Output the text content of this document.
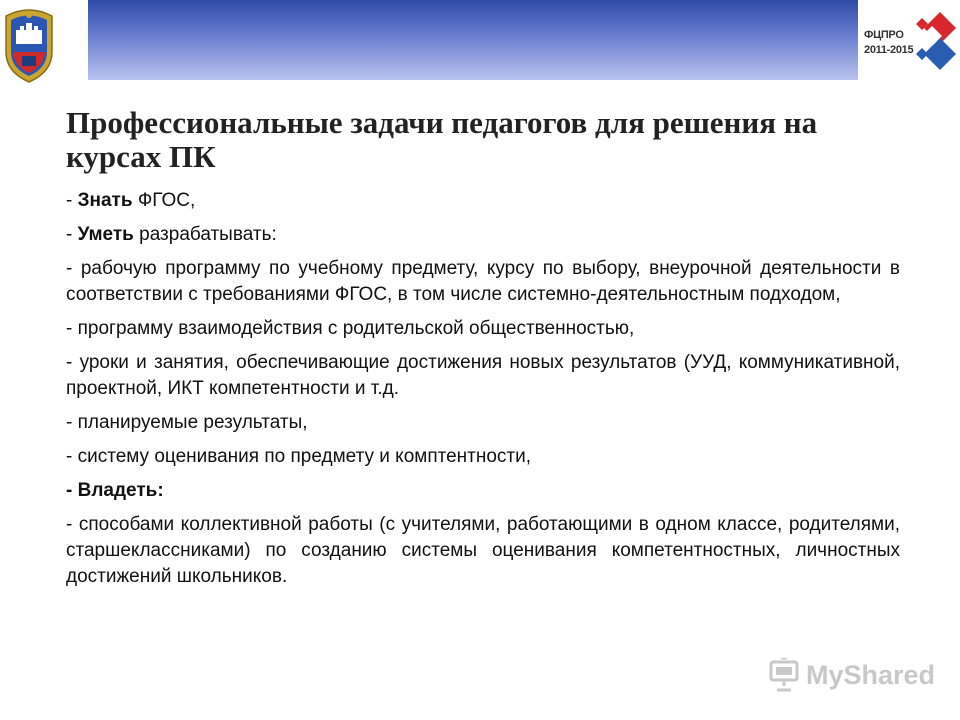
ФЦПРО
2011-2015
Профессиональные задачи педагогов для решения на курсах ПК
- Знать ФГОС,
- Уметь разрабатывать:
- рабочую программу по учебному предмету, курсу по выбору, внеурочной деятельности в соответствии с требованиями ФГОС, в том числе системно-деятельностным подходом,
- программу взаимодействия с родительской общественностью,
- уроки и занятия, обеспечивающие достижения новых результатов (УУД, коммуникативной, проектной, ИКТ компетентности и т.д.
- планируемые результаты,
- систему оценивания по предмету и комптентности,
- Владеть:
- способами коллективной работы (с учителями, работающими в одном классе, родителями, старшеклассниками) по созданию системы оценивания компетентностных, личностных достижений школьников.
MyShared
